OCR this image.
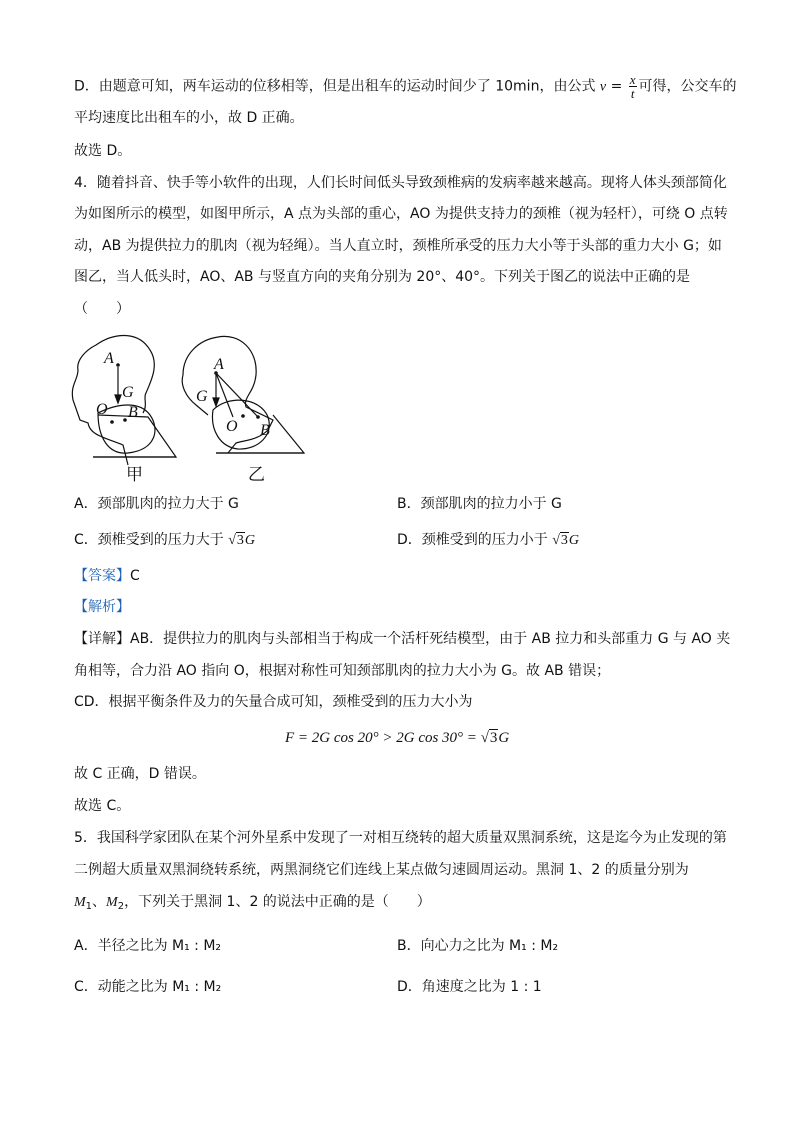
D．由题意可知，两车运动的位移相等，但是出租车的运动时间少了 10min，由公式 $v = \frac{x}{t}$ 可得，公交车的
平均速度比出租车的小，故 D 正确。
故选 D。
4．随着抖音、快手等小软件的出现，人们长时间低头导致颈椎病的发病率越来越高。现将人体头颈部简化
为如图所示的模型，如图甲所示，A 点为头部的重心，AO 为提供支持力的颈椎（视为轻杆），可绕 O 点转
动，AB 为提供拉力的肌肉（视为轻绳）。当人直立时，颈椎所承受的压力大小等于头部的重力大小 G；如
图乙，当人低头时，AO、AB 与竖直方向的夹角分别为 20°、40°。下列关于图乙的说法中正确的是
（　　）
A
G
O B
甲
A
G
O B
乙
A．颈部肌肉的拉力大于 G	B．颈部肌肉的拉力小于 G
C．颈椎受到的压力大于 √3G	D．颈椎受到的压力小于 √3G
【答案】C
【解析】
【详解】AB．提供拉力的肌肉与头部相当于构成一个活杆死结模型，由于 AB 拉力和头部重力 G 与 AO 夹
角相等，合力沿 AO 指向 O，根据对称性可知颈部肌肉的拉力大小为 G。故 AB 错误；
CD．根据平衡条件及力的矢量合成可知，颈椎受到的压力大小为
F = 2G cos 20° > 2G cos 30° = √3G
故 C 正确，D 错误。
故选 C。
5．我国科学家团队在某个河外星系中发现了一对相互绕转的超大质量双黑洞系统，这是迄今为止发现的第
二例超大质量双黑洞绕转系统，两黑洞绕它们连线上某点做匀速圆周运动。黑洞 1、2 的质量分别为
$M_1$、$M_2$，下列关于黑洞 1、2 的说法中正确的是（　　）
A．半径之比为 M₁ : M₂	B．向心力之比为 M₁ : M₂
C．动能之比为 M₁ : M₂	D．角速度之比为 1 : 1
